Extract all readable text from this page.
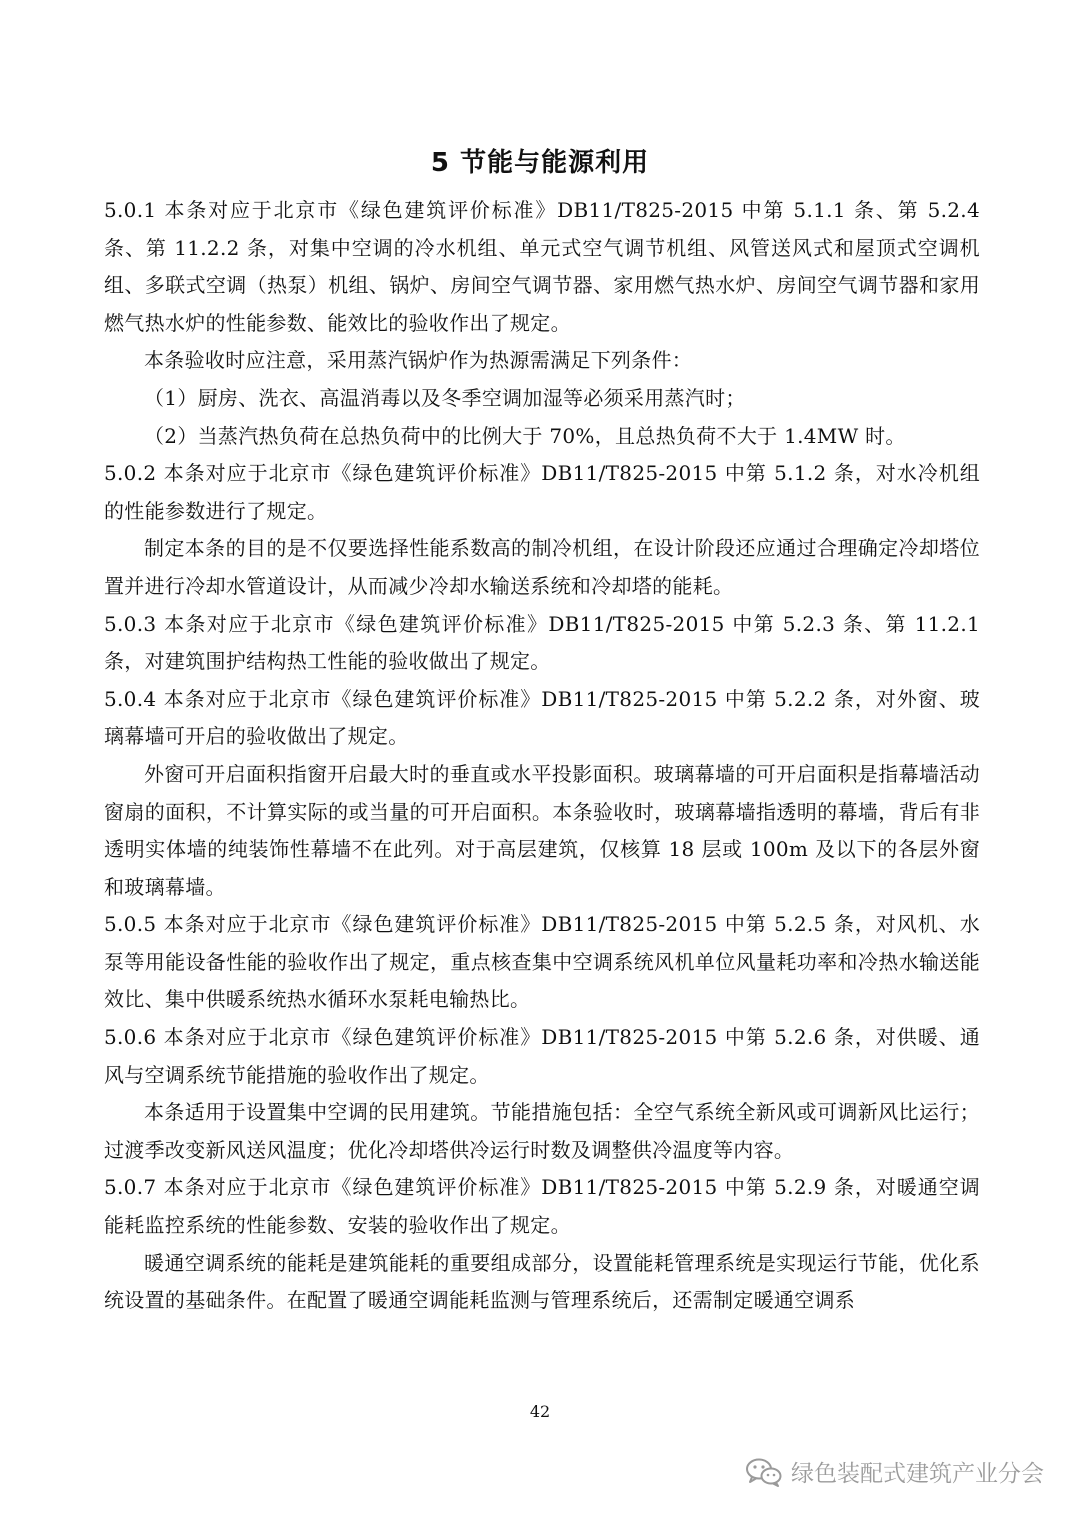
5 节能与能源利用

5.0.1 本条对应于北京市《绿色建筑评价标准》DB11/T825-2015 中第 5.1.1 条、第 5.2.4 条、第 11.2.2 条，对集中空调的冷水机组、单元式空气调节机组、风管送风式和屋顶式空调机组、多联式空调（热泵）机组、锅炉、房间空气调节器、家用燃气热水炉、房间空气调节器和家用燃气热水炉的性能参数、能效比的验收作出了规定。

本条验收时应注意，采用蒸汽锅炉作为热源需满足下列条件：

（1）厨房、洗衣、高温消毒以及冬季空调加湿等必须采用蒸汽时；

（2）当蒸汽热负荷在总热负荷中的比例大于 70%，且总热负荷不大于 1.4MW 时。

5.0.2 本条对应于北京市《绿色建筑评价标准》DB11/T825-2015 中第 5.1.2 条，对水冷机组的性能参数进行了规定。

制定本条的目的是不仅要选择性能系数高的制冷机组，在设计阶段还应通过合理确定冷却塔位置并进行冷却水管道设计，从而减少冷却水输送系统和冷却塔的能耗。

5.0.3 本条对应于北京市《绿色建筑评价标准》DB11/T825-2015 中第 5.2.3 条、第 11.2.1 条，对建筑围护结构热工性能的验收做出了规定。

5.0.4 本条对应于北京市《绿色建筑评价标准》DB11/T825-2015 中第 5.2.2 条，对外窗、玻璃幕墙可开启的验收做出了规定。

外窗可开启面积指窗开启最大时的垂直或水平投影面积。玻璃幕墙的可开启面积是指幕墙活动窗扇的面积，不计算实际的或当量的可开启面积。本条验收时，玻璃幕墙指透明的幕墙，背后有非透明实体墙的纯装饰性幕墙不在此列。对于高层建筑，仅核算 18 层或 100m 及以下的各层外窗和玻璃幕墙。

5.0.5 本条对应于北京市《绿色建筑评价标准》DB11/T825-2015 中第 5.2.5 条，对风机、水泵等用能设备性能的验收作出了规定，重点核查集中空调系统风机单位风量耗功率和冷热水输送能效比、集中供暖系统热水循环水泵耗电输热比。

5.0.6 本条对应于北京市《绿色建筑评价标准》DB11/T825-2015 中第 5.2.6 条，对供暖、通风与空调系统节能措施的验收作出了规定。

本条适用于设置集中空调的民用建筑。节能措施包括：全空气系统全新风或可调新风比运行；过渡季改变新风送风温度；优化冷却塔供冷运行时数及调整供冷温度等内容。

5.0.7 本条对应于北京市《绿色建筑评价标准》DB11/T825-2015 中第 5.2.9 条，对暖通空调能耗监控系统的性能参数、安装的验收作出了规定。

暖通空调系统的能耗是建筑能耗的重要组成部分，设置能耗管理系统是实现运行节能，优化系统设置的基础条件。在配置了暖通空调能耗监测与管理系统后，还需制定暖通空调系

42
绿色装配式建筑产业分会
